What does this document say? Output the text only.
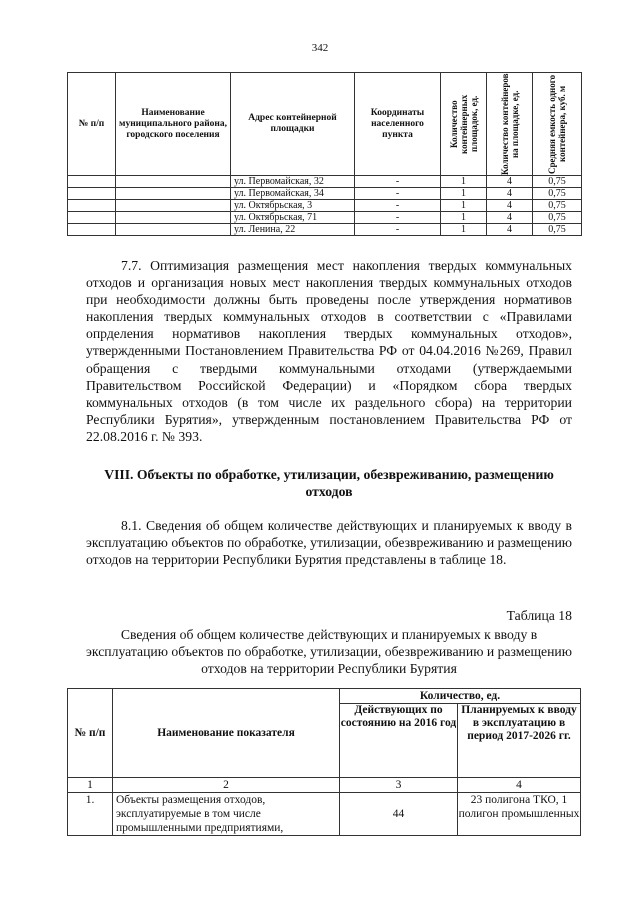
342
№ п/п	Наименование муниципального района, городского поселения	Адрес контейнерной площадки	Координаты населенного пункта	Количество контейнерных площадок, ед.	Количество контейнеров на площадке, ед.	Средняя емкость одного контейнера, куб. м

		ул. Первомайская, 32	-	1	4	0,75
		ул. Первомайская, 34	-	1	4	0,75
		ул. Октябрьская, 3	-	1	4	0,75
		ул. Октябрьская, 71	-	1	4	0,75
		ул. Ленина, 22	-	1	4	0,75

7.7. Оптимизация размещения мест накопления твердых коммунальных отходов и организация новых мест накопления твердых коммунальных отходов при необходимости должны быть проведены после утверждения нормативов накопления твердых коммунальных отходов в соответствии с «Правилами опрделения нормативов накопления твердых коммунальных отходов», утвержденными Постановлением Правительства РФ от 04.04.2016 №269, Правил обращения с твердыми коммунальными отходами (утверждаемыми Правительством Российской Федерации) и «Порядком сбора твердых коммунальных отходов (в том числе их раздельного сбора) на территории Республики Бурятия», утвержденным постановлением Правительства РФ от 22.08.2016 г. № 393.

VIII. Объекты по обработке, утилизации, обезвреживанию, размещению отходов

8.1. Сведения об общем количестве действующих и планируемых к вводу в эксплуатацию объектов по обработке, утилизации, обезвреживанию и размещению отходов на территории Республики Бурятия представлены в таблице 18.

Таблица 18

Сведения об общем количестве действующих и планируемых к вводу в эксплуатацию объектов по обработке, утилизации, обезвреживанию и размещению отходов на территории Республики Бурятия

№ п/п	Наименование показателя	Количество, ед.	
		Действующих по состоянию на 2016 год	Планируемых к вводу в эксплуатацию в период 2017-2026 гг.
1	2	3	4
1.	Объекты размещения отходов, эксплуатируемые в том числе промышленными предприятиями,	44	23 полигона ТКО, 1 полигон промышленных
